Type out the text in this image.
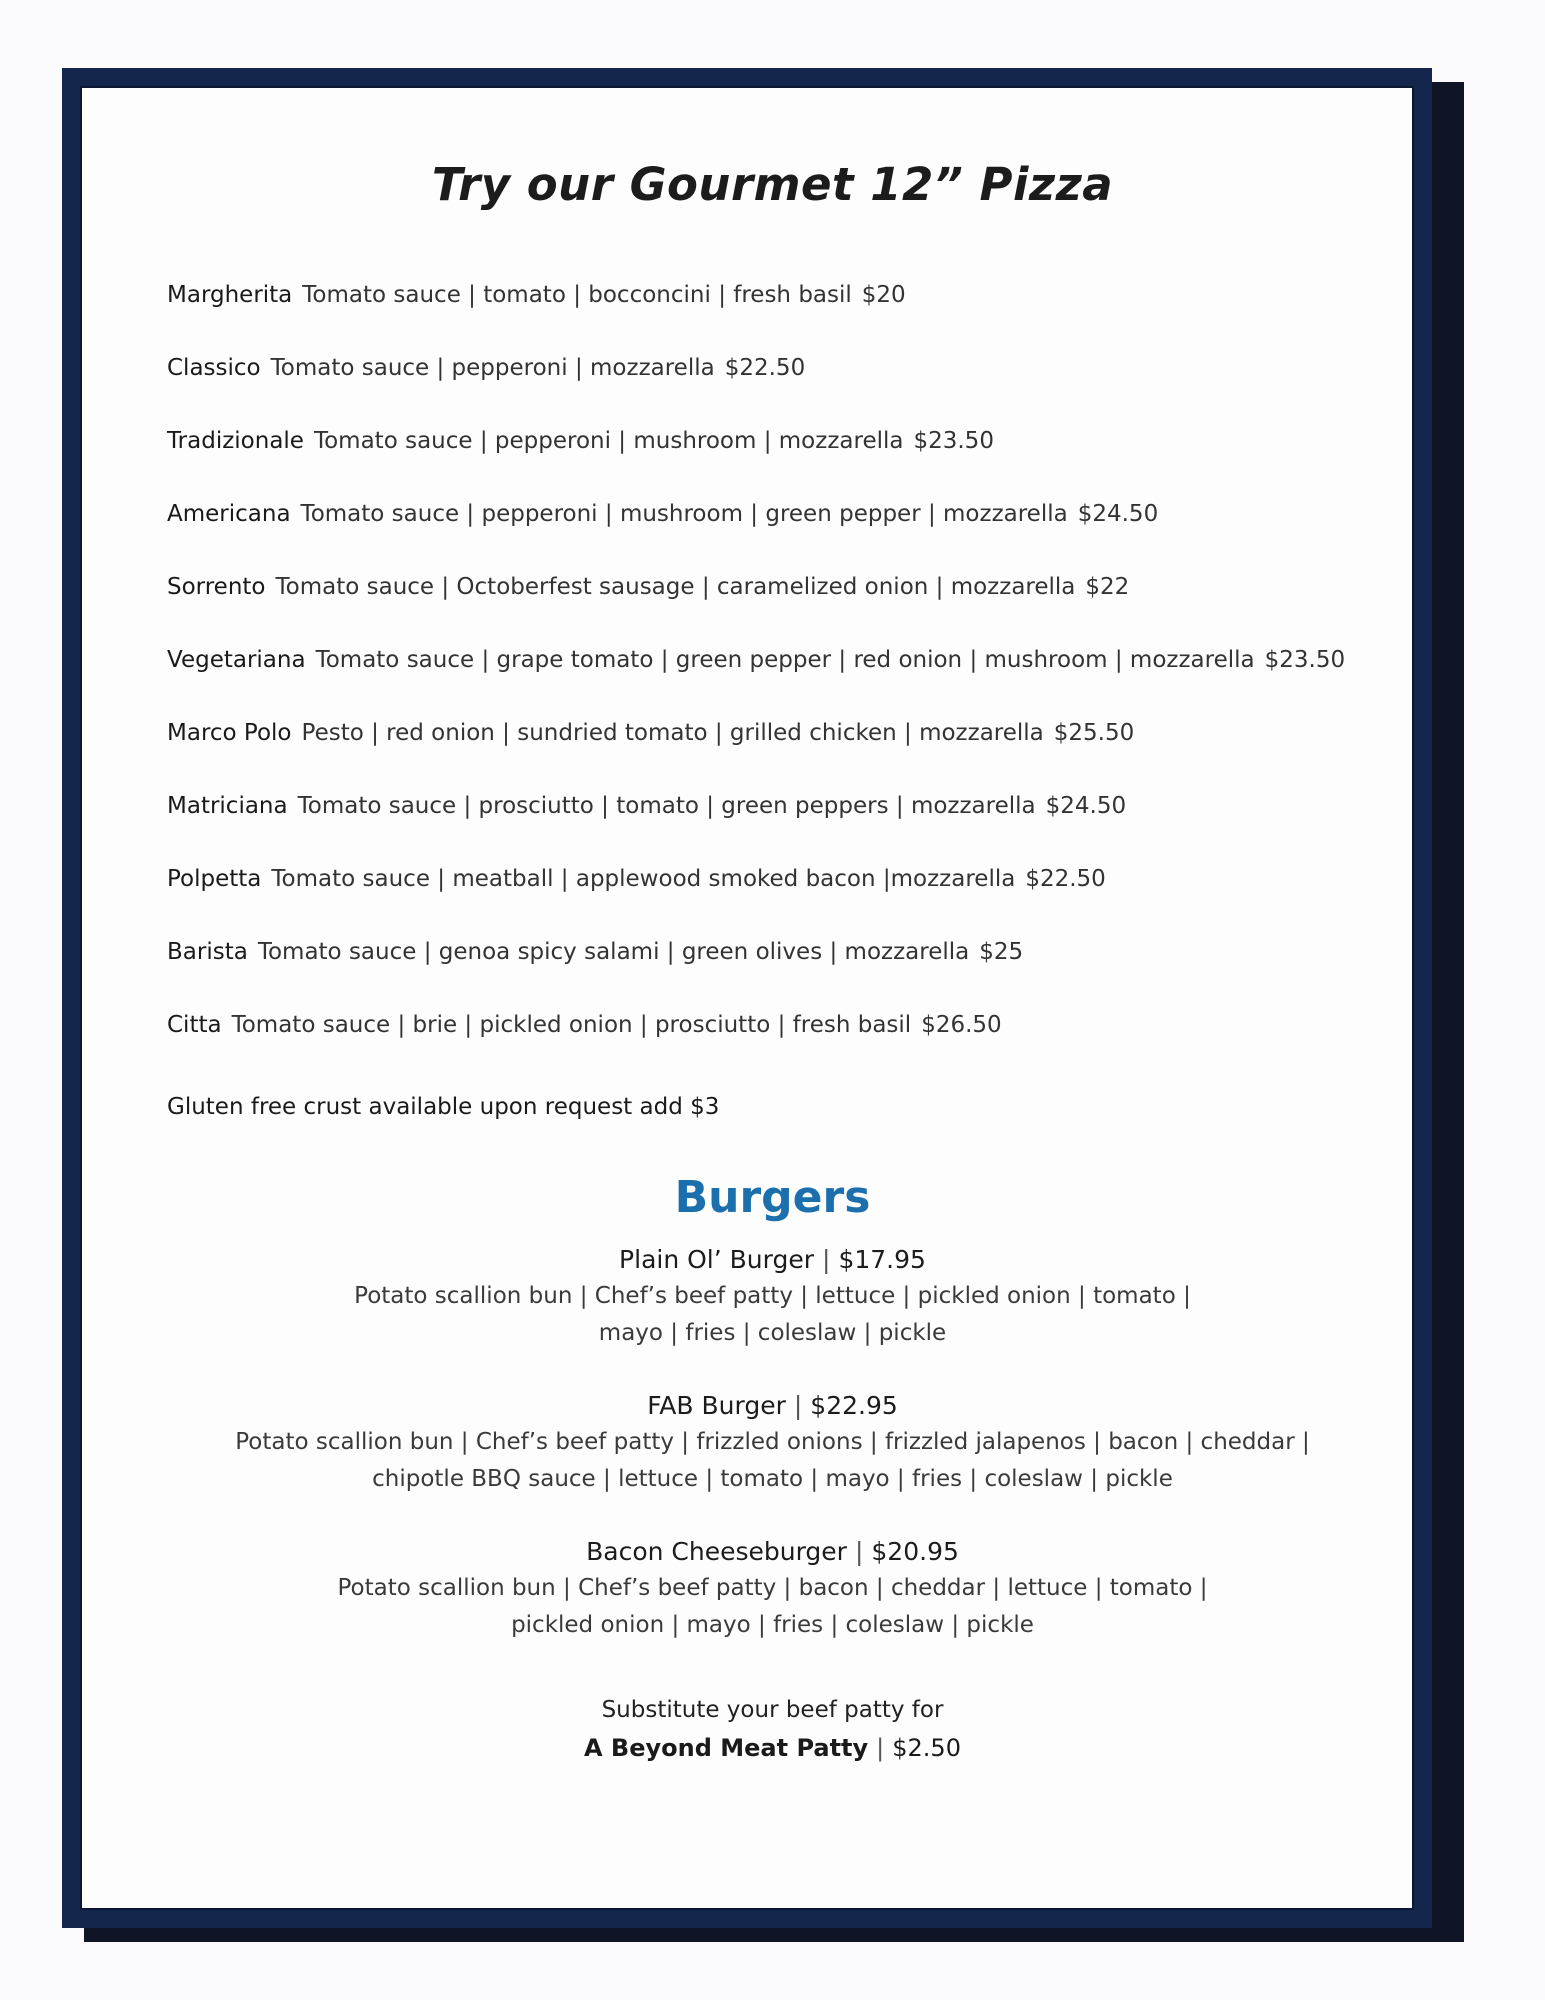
Try our Gourmet 12” Pizza
Margherita Tomato sauce | tomato | bocconcini | fresh basil $20
Classico Tomato sauce | pepperoni | mozzarella $22.50
Tradizionale Tomato sauce | pepperoni | mushroom | mozzarella $23.50
Americana Tomato sauce | pepperoni | mushroom | green pepper | mozzarella $24.50
Sorrento Tomato sauce | Octoberfest sausage | caramelized onion | mozzarella $22
Vegetariana Tomato sauce | grape tomato | green pepper | red onion | mushroom | mozzarella $23.50
Marco Polo Pesto | red onion | sundried tomato | grilled chicken | mozzarella $25.50
Matriciana Tomato sauce | prosciutto | tomato | green peppers | mozzarella $24.50
Polpetta Tomato sauce | meatball | applewood smoked bacon |mozzarella $22.50
Barista Tomato sauce | genoa spicy salami | green olives | mozzarella $25
Citta Tomato sauce | brie | pickled onion | prosciutto | fresh basil $26.50
Gluten free crust available upon request add $3
Burgers
Plain Ol’ Burger | $17.95
Potato scallion bun | Chef’s beef patty | lettuce | pickled onion | tomato |
mayo | fries | coleslaw | pickle
FAB Burger | $22.95
Potato scallion bun | Chef’s beef patty | frizzled onions | frizzled jalapenos | bacon | cheddar |
chipotle BBQ sauce | lettuce | tomato | mayo | fries | coleslaw | pickle
Bacon Cheeseburger | $20.95
Potato scallion bun | Chef’s beef patty | bacon | cheddar | lettuce | tomato |
pickled onion | mayo | fries | coleslaw | pickle
Substitute your beef patty for
A Beyond Meat Patty | $2.50
